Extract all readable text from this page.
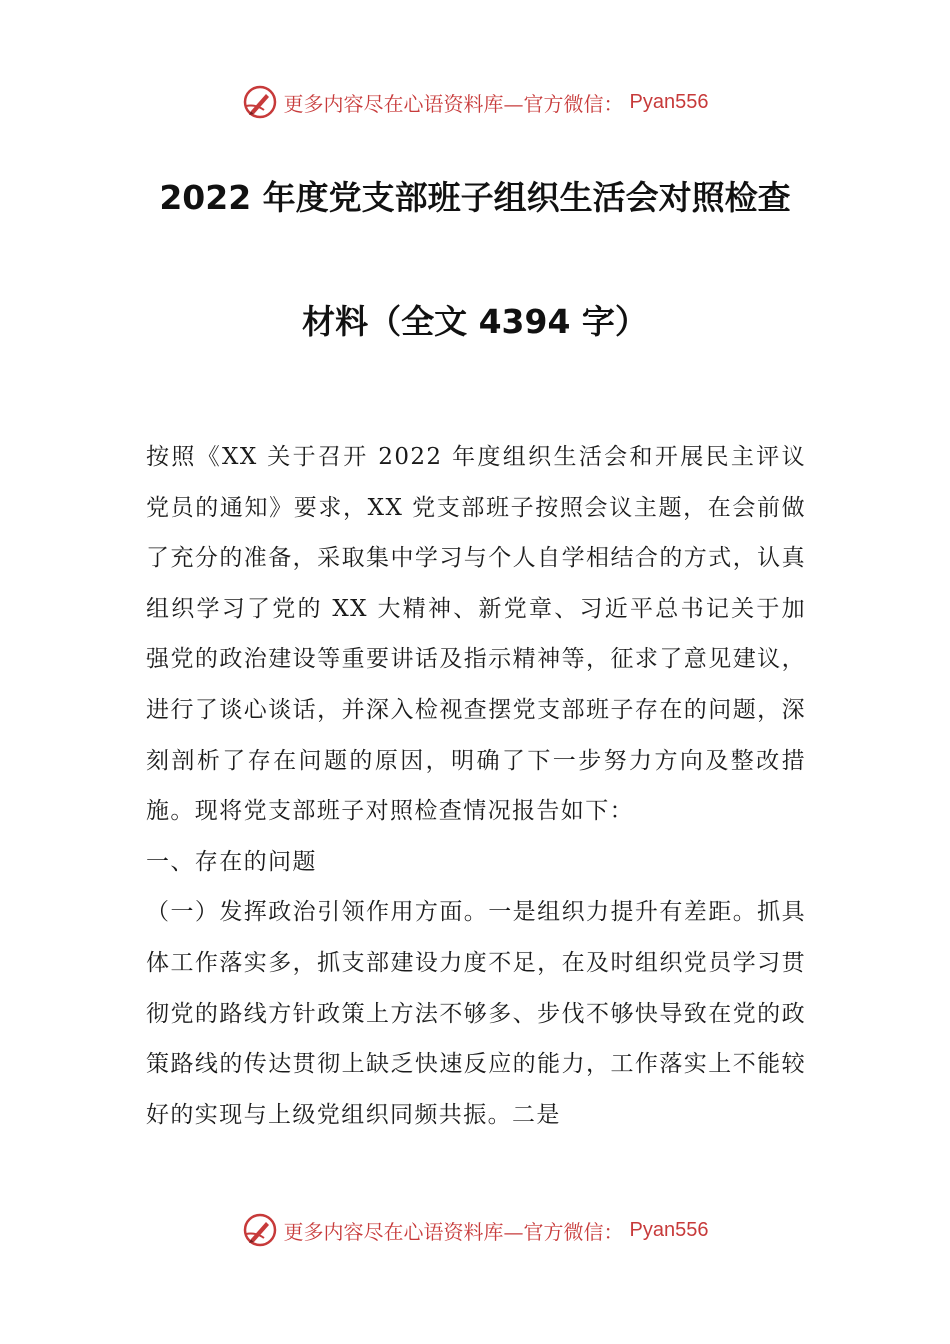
更多内容尽在心语资料库—官方微信： Pyan556
2022 年度党支部班子组织生活会对照检查
材料（全文 4394 字）

按照《XX 关于召开 2022 年度组织生活会和开展民主评议党员的通知》要求，XX 党支部班子按照会议主题，在会前做了充分的准备，采取集中学习与个人自学相结合的方式，认真组织学习了党的 XX 大精神、新党章、习近平总书记关于加强党的政治建设等重要讲话及指示精神等，征求了意见建议，进行了谈心谈话，并深入检视查摆党支部班子存在的问题，深刻剖析了存在问题的原因，明确了下一步努力方向及整改措施。现将党支部班子对照检查情况报告如下：

一、存在的问题

（一）发挥政治引领作用方面。一是组织力提升有差距。抓具体工作落实多，抓支部建设力度不足，在及时组织党员学习贯彻党的路线方针政策上方法不够多、步伐不够快导致在党的政策路线的传达贯彻上缺乏快速反应的能力，工作落实上不能较好的实现与上级党组织同频共振。二是

更多内容尽在心语资料库—官方微信： Pyan556
